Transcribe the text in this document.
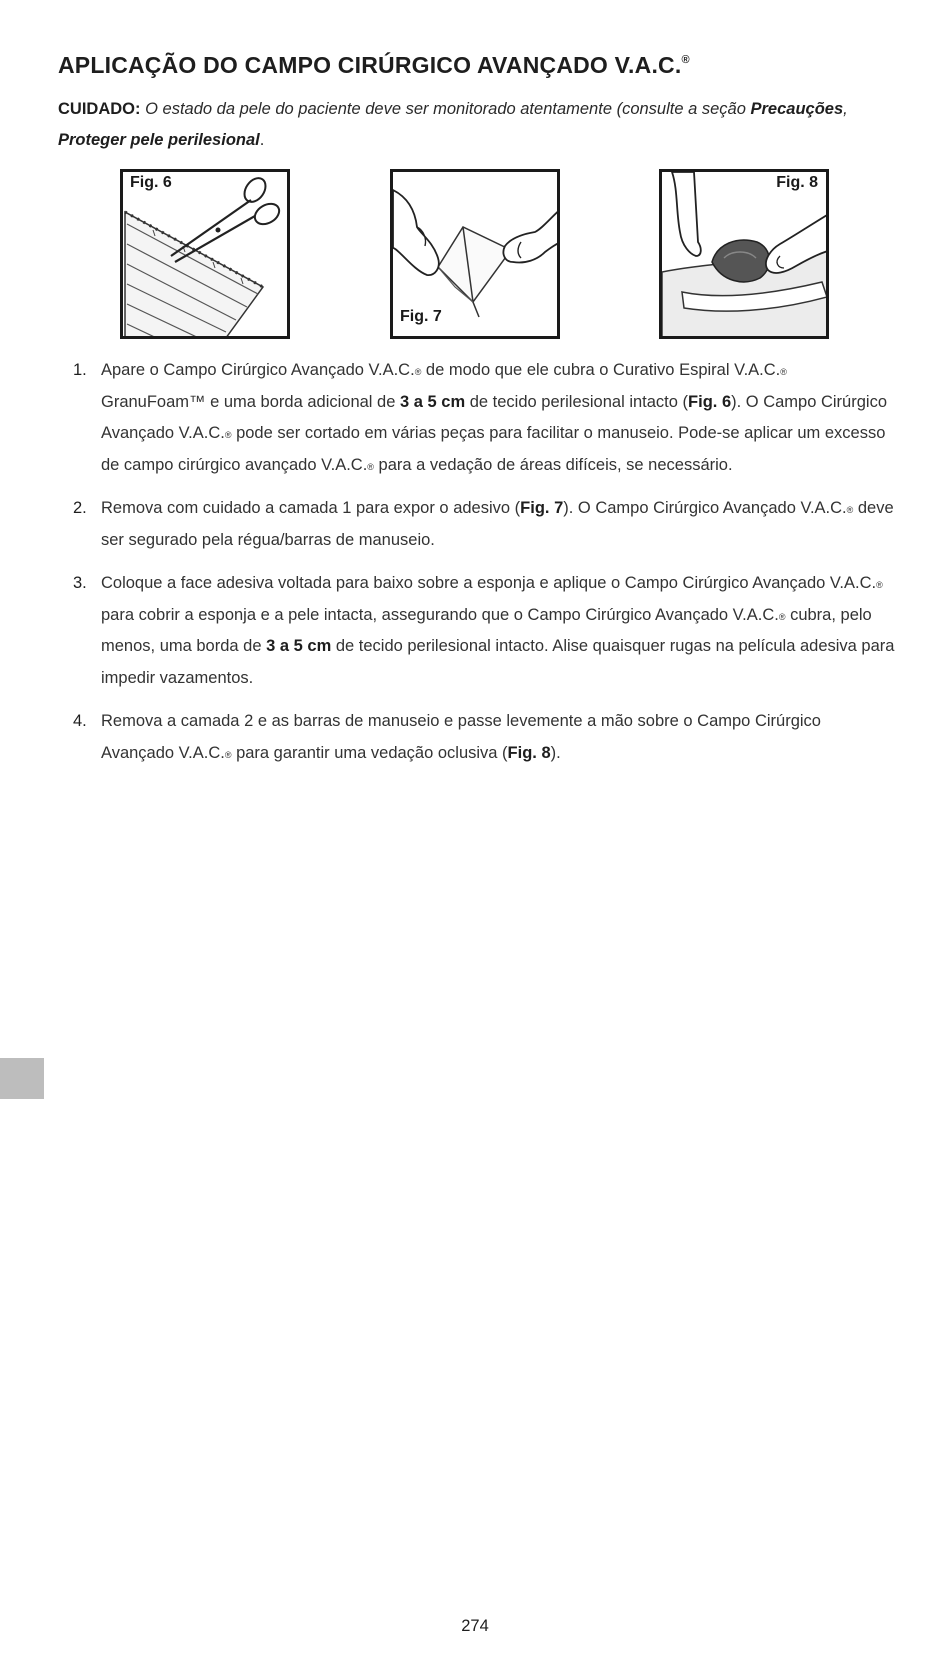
APLICAÇÃO DO CAMPO CIRÚRGICO AVANÇADO V.A.C.®
CUIDADO: O estado da pele do paciente deve ser monitorado atentamente (consulte a seção Precauções, Proteger pele perilesional.
Fig. 6
Fig. 7
Fig. 8
1. Apare o Campo Cirúrgico Avançado V.A.C.® de modo que ele cubra o Curativo Espiral V.A.C.® GranuFoam™ e uma borda adicional de 3 a 5 cm de tecido perilesional intacto (Fig. 6). O Campo Cirúrgico Avançado V.A.C.® pode ser cortado em várias peças para facilitar o manuseio. Pode-se aplicar um excesso de campo cirúrgico avançado V.A.C.® para a vedação de áreas difíceis, se necessário.
2. Remova com cuidado a camada 1 para expor o adesivo (Fig. 7). O Campo Cirúrgico Avançado V.A.C.® deve ser segurado pela régua/barras de manuseio.
3. Coloque a face adesiva voltada para baixo sobre a esponja e aplique o Campo Cirúrgico Avançado V.A.C.® para cobrir a esponja e a pele intacta, assegurando que o Campo Cirúrgico Avançado V.A.C.® cubra, pelo menos, uma borda de 3 a 5 cm de tecido perilesional intacto. Alise quaisquer rugas na película adesiva para impedir vazamentos.
4. Remova a camada 2 e as barras de manuseio e passe levemente a mão sobre o Campo Cirúrgico Avançado V.A.C.® para garantir uma vedação oclusiva (Fig. 8).
274
